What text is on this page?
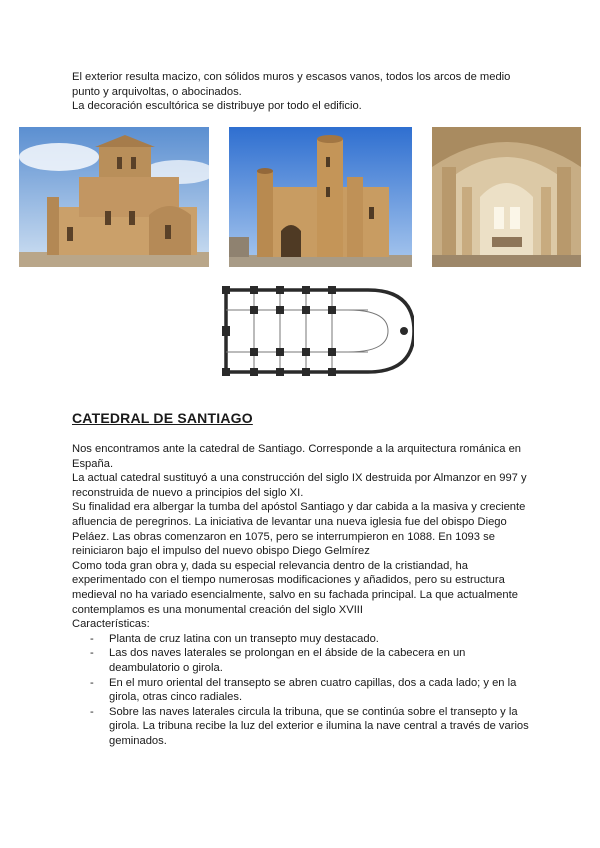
El exterior resulta macizo, con sólidos muros y escasos vanos, todos los arcos de medio punto y arquivoltas, o abocinados.

La decoración escultórica se distribuye por todo el edificio.

CATEDRAL DE SANTIAGO

Nos encontramos ante la catedral de Santiago. Corresponde a la arquitectura románica en España.

La actual catedral sustituyó a una construcción del siglo IX destruida por Almanzor en 997 y reconstruida de nuevo a principios del siglo XI.

Su finalidad era albergar la tumba del apóstol Santiago y dar cabida a la masiva y creciente afluencia de peregrinos. La iniciativa de levantar una nueva iglesia fue del obispo Diego Peláez. Las obras comenzaron en 1075, pero se interrumpieron en 1088. En 1093 se reiniciaron bajo el impulso del nuevo obispo Diego Gelmírez

Como toda gran obra y, dada su especial relevancia dentro de la cristiandad, ha experimentado con el tiempo numerosas modificaciones y añadidos, pero su estructura medieval no ha variado esencialmente, salvo en su fachada principal. La que actualmente contemplamos es una monumental creación del siglo XVIII

Características:

- Planta de cruz latina con un transepto muy destacado.
- Las dos naves laterales se prolongan en el ábside de la cabecera en un deambulatorio o girola.
- En el muro oriental del transepto se abren cuatro capillas, dos a cada lado; y en la girola, otras cinco radiales.
- Sobre las naves laterales circula la tribuna, que se continúa sobre el transepto y la girola. La tribuna recibe la luz del exterior e ilumina la nave central a través de varios geminados.
